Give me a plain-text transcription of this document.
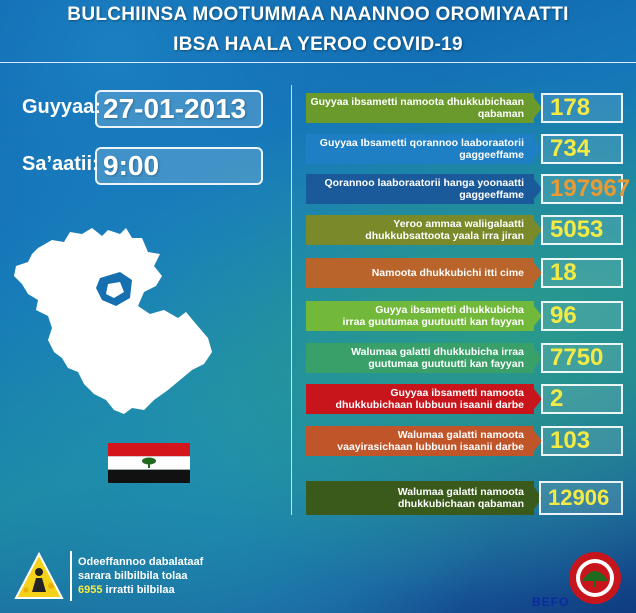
BULCHIINSA MOOTUMMAA NAANNOO OROMIYAATTI
IBSA HAALA YEROO COVID-19
Guyyaa: 27-01-2013
Sa’aatii: 9:00
Guyyaa ibsametti namoota dhukkubichaan
qabaman	178
Guyyaa Ibsametti qorannoo laaboraatorii
gaggeeffame	734
Qorannoo laaboraatorii hanga yoonaatti
gaggeeffame	197967
Yeroo ammaa waliigalaatti
dhukkubsattoota yaala irra jiran	5053
Namoota dhukkubichi itti cime	18
Guyya ibsametti dhukkubicha
irraa guutumaa guutuutti kan fayyan	96
Walumaa galatti dhukkubicha irraa
guutumaa guutuutti kan fayyan	7750
Guyyaa ibsametti namoota
dhukkubichaan lubbuun isaanii darbe	2
Walumaa galatti namoota
vaayirasichaan lubbuun isaanii darbe	103
Walumaa galatti namoota
dhukkubichaan qabaman	12906
Odeeffannoo dabalataaf
sarara bilbilbila tolaa
6955 irratti bilbilaa
BEFO
